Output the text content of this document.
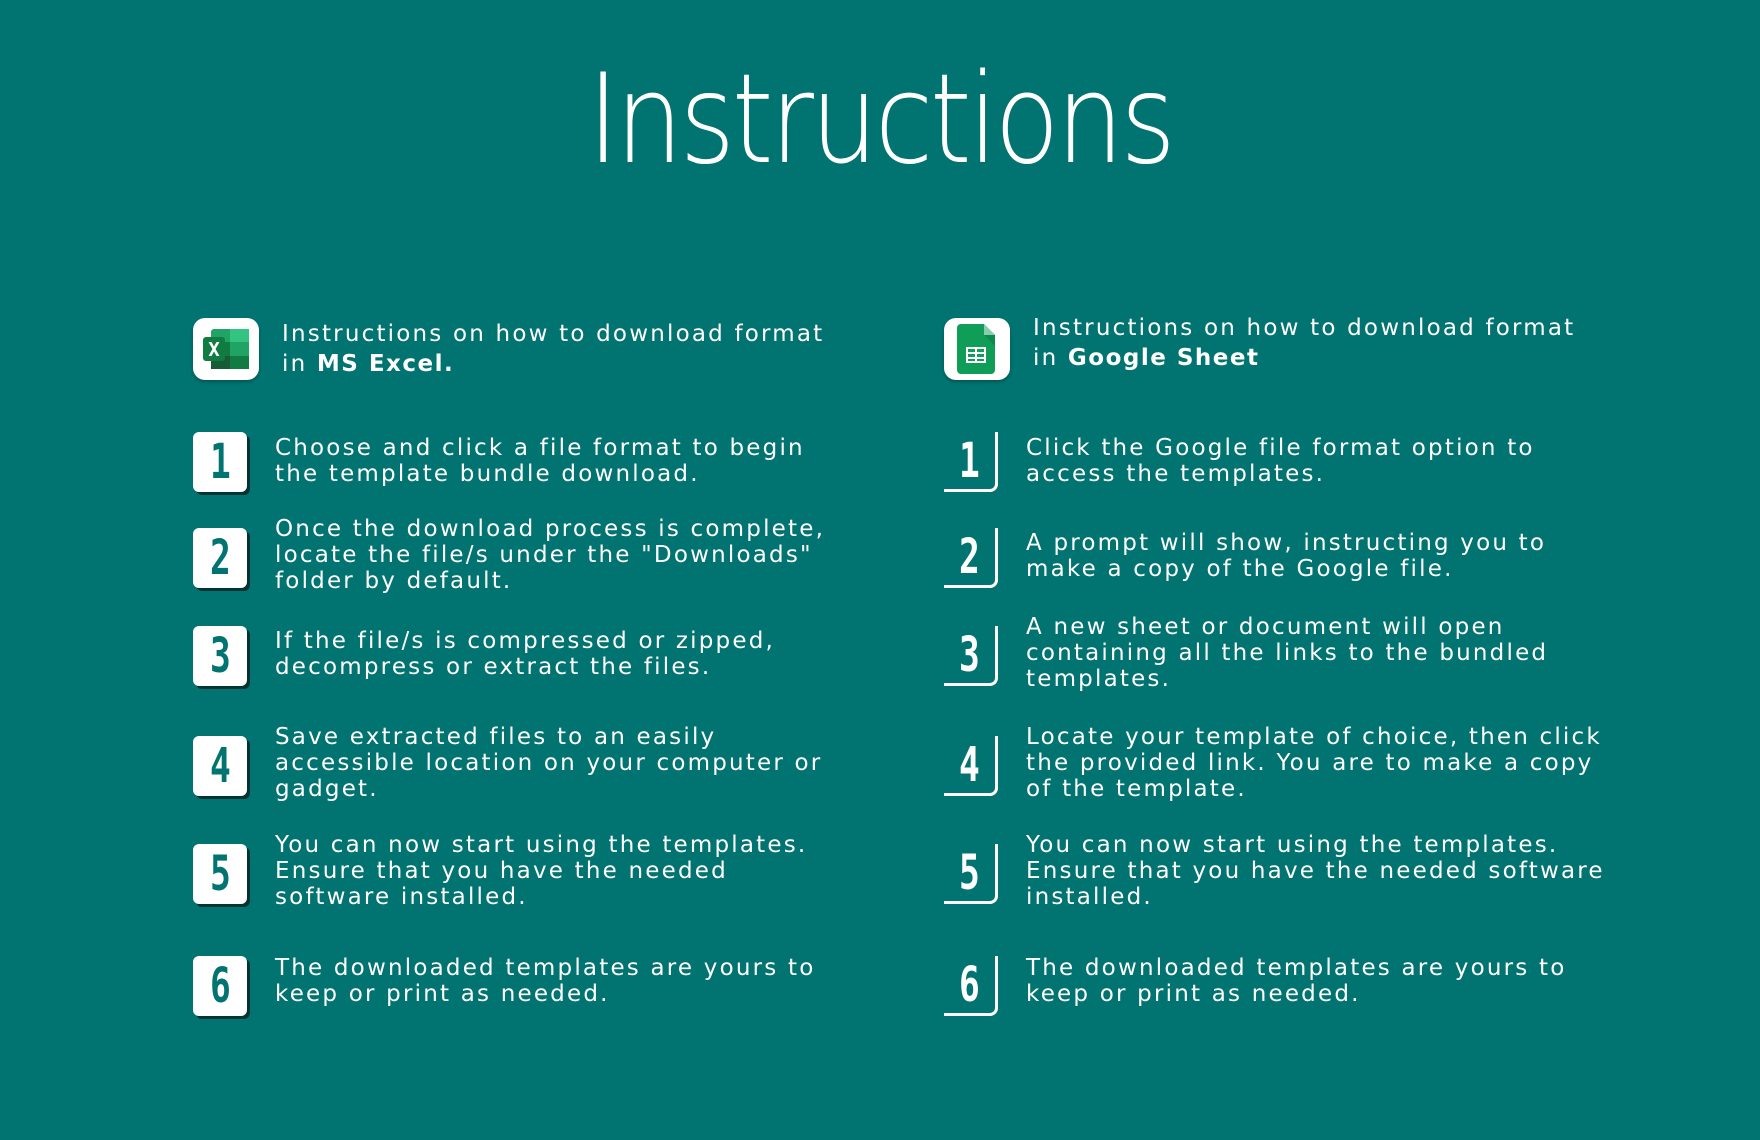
Instructions
Instructions on how to download format in MS Excel.
1 Choose and click a file format to begin the template bundle download.
2
Once the download process is complete, locate the file/s under the "Downloads" folder by default.
3 If the file/s is compressed or zipped, decompress or extract the files.
4
Save extracted files to an easily accessible location on your computer or gadget.
5
You can now start using the templates. Ensure that you have the needed software installed.
6 The downloaded templates are yours to keep or print as needed.
Instructions on how to download format in Google Sheet
1 Click the Google file format option to access the templates.
2 A prompt will show, instructing you to make a copy of the Google file.
3 A new sheet or document will open containing all the links to the bundled templates.
4 Locate your template of choice, then click the provided link. You are to make a copy of the template.
5 You can now start using the templates. Ensure that you have the needed software installed.
6 The downloaded templates are yours to keep or print as needed.
